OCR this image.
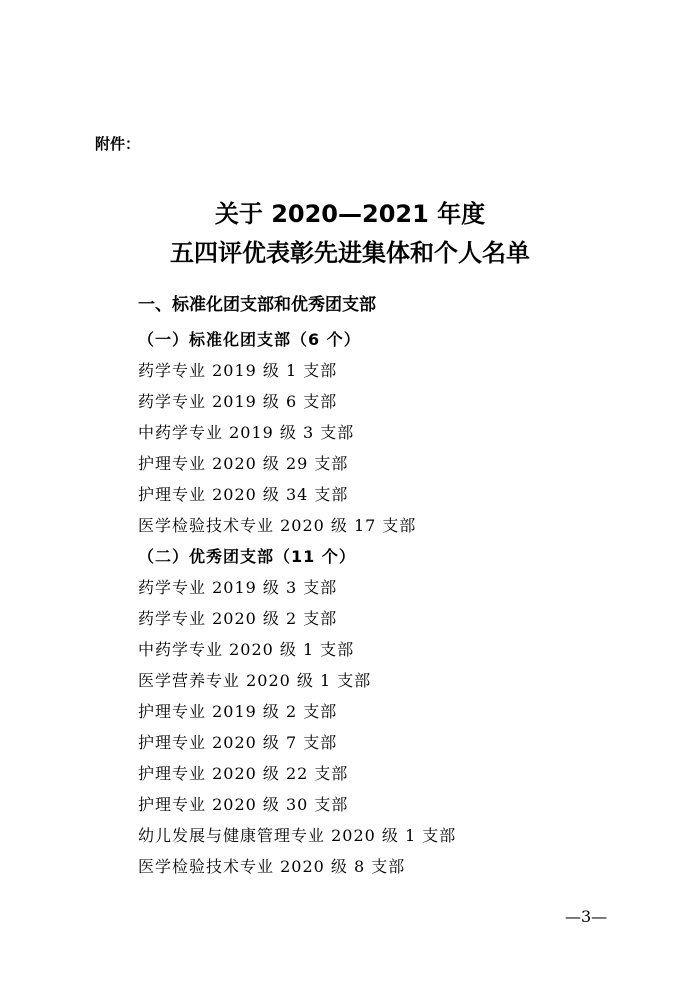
附件：
关于 2020—2021 年度
五四评优表彰先进集体和个人名单
一、标准化团支部和优秀团支部
（一）标准化团支部（6 个）
药学专业 2019 级 1 支部
药学专业 2019 级 6 支部
中药学专业 2019 级 3 支部
护理专业 2020 级 29 支部
护理专业 2020 级 34 支部
医学检验技术专业 2020 级 17 支部
（二）优秀团支部（11 个）
药学专业 2019 级 3 支部
药学专业 2020 级 2 支部
中药学专业 2020 级 1 支部
医学营养专业 2020 级 1 支部
护理专业 2019 级 2 支部
护理专业 2020 级 7 支部
护理专业 2020 级 22 支部
护理专业 2020 级 30 支部
幼儿发展与健康管理专业 2020 级 1 支部
医学检验技术专业 2020 级 8 支部
—3—
